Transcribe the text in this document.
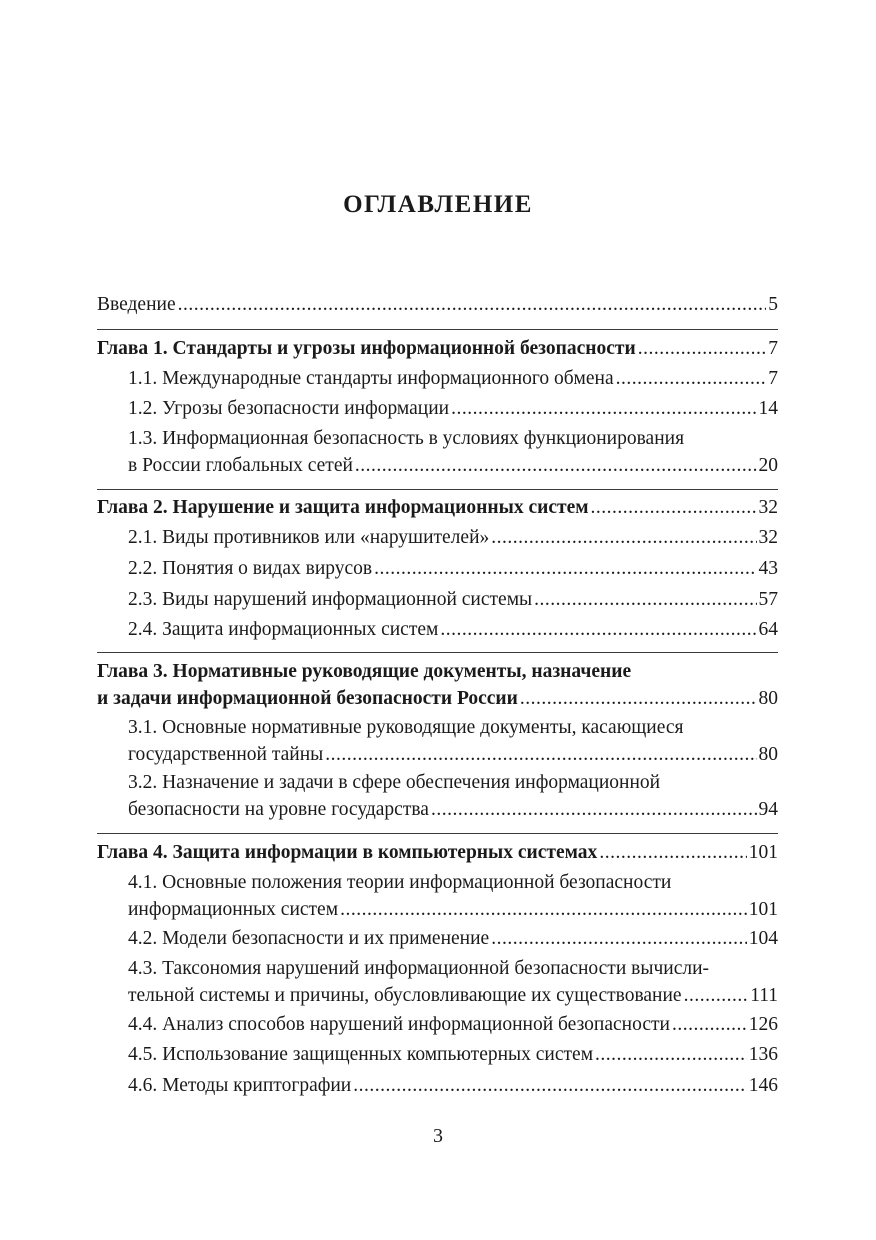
ОГЛАВЛЕНИЕ
Введение .....	5
Глава 1. Стандарты и угрозы информационной безопасности .....	7
1.1. Международные стандарты информационного обмена .....	7
1.2. Угрозы безопасности информации .....	14
1.3. Информационная безопасность в условиях функционирования
в России глобальных сетей .....	20
Глава 2. Нарушение и защита информационных систем .....	32
2.1. Виды противников или «нарушителей» .....	32
2.2. Понятия о видах вирусов .....	43
2.3. Виды нарушений информационной системы .....	57
2.4. Защита информационных систем .....	64
Глава 3. Нормативные руководящие документы, назначение
и задачи информационной безопасности России .....	80
3.1. Основные нормативные руководящие документы, касающиеся
государственной тайны .....	80
3.2. Назначение и задачи в сфере обеспечения информационной
безопасности на уровне государства .....	94
Глава 4. Защита информации в компьютерных системах .....	101
4.1. Основные положения теории информационной безопасности
информационных систем .....	101
4.2. Модели безопасности и их применение .....	104
4.3. Таксономия нарушений информационной безопасности вычисли-
тельной системы и причины, обусловливающие их существование .....	111
4.4. Анализ способов нарушений информационной безопасности .....	126
4.5. Использование защищенных компьютерных систем .....	136
4.6. Методы криптографии .....	146
3
